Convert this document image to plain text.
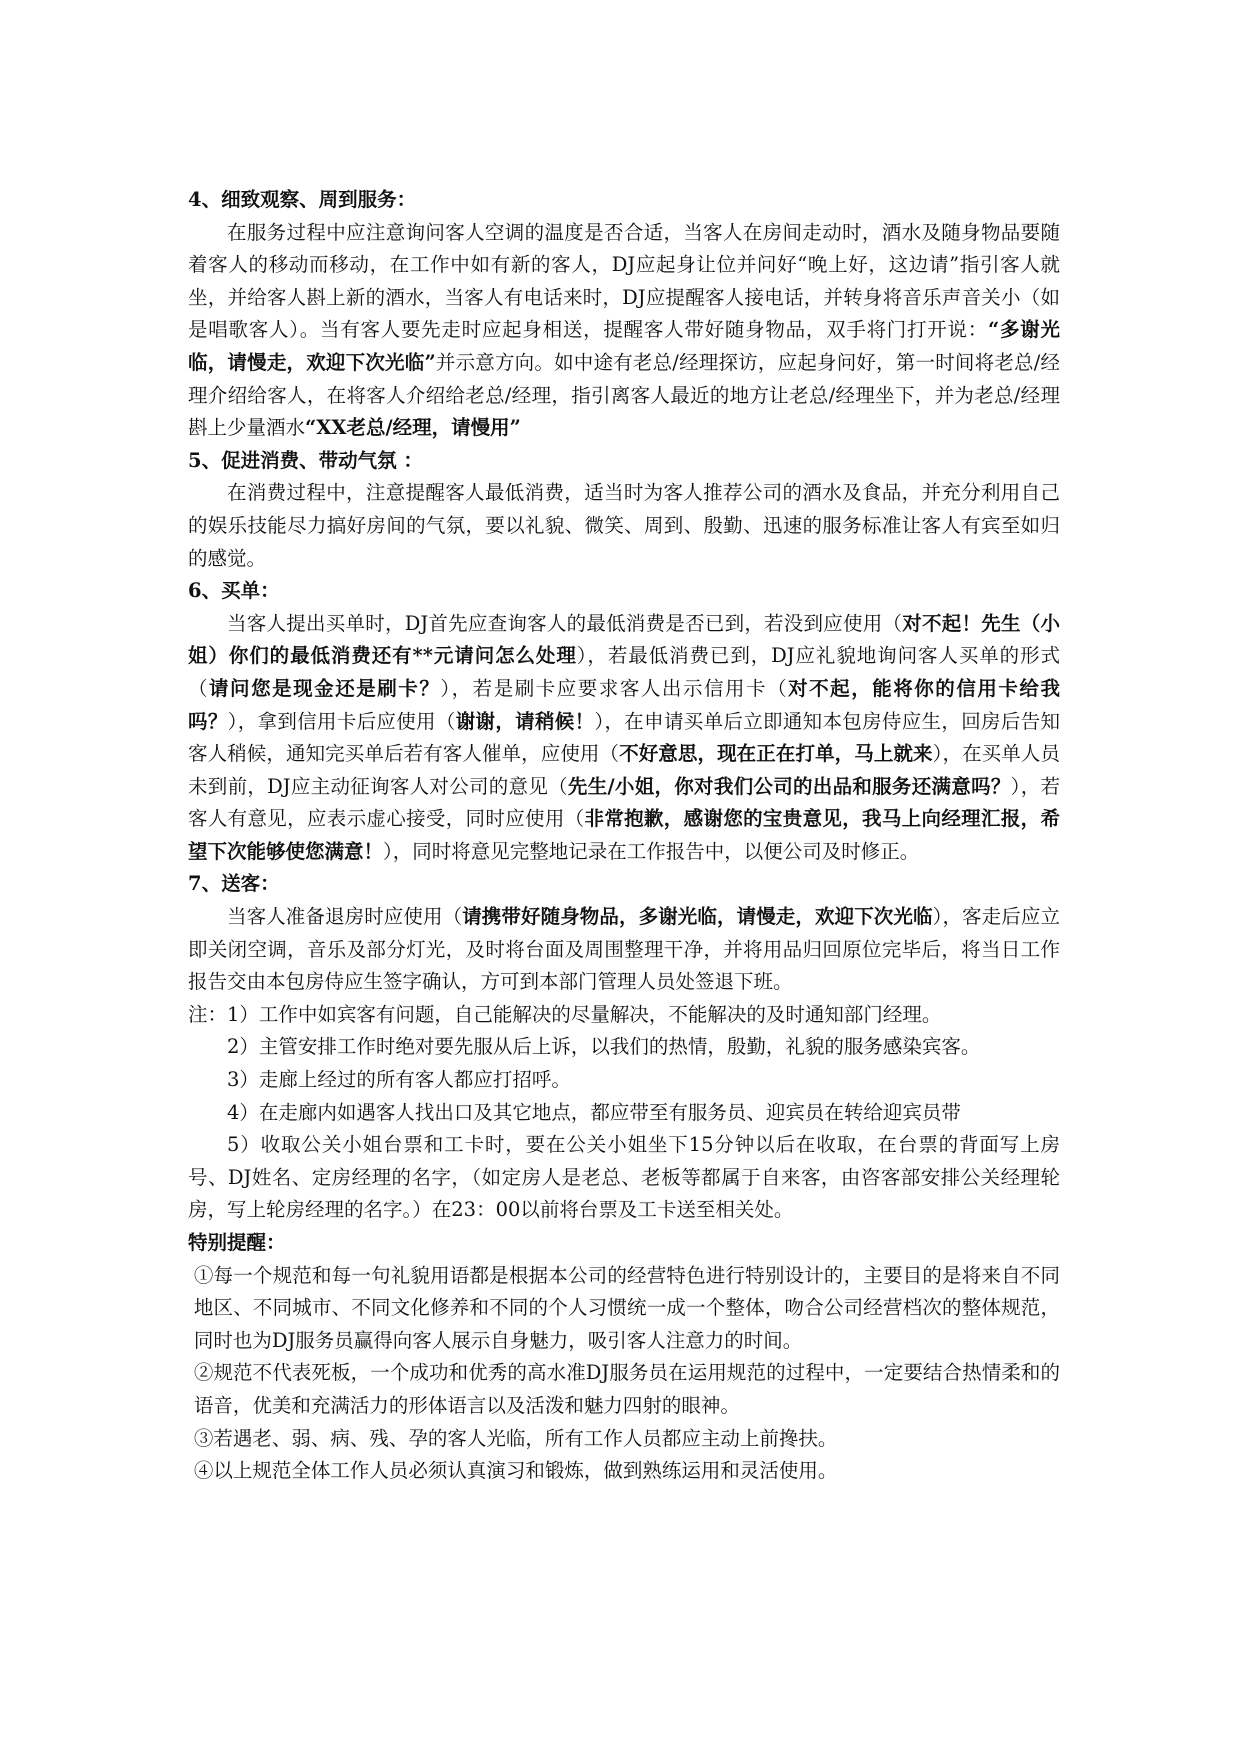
4、细致观察、周到服务：

在服务过程中应注意询问客人空调的温度是否合适，当客人在房间走动时，酒水及随身物品要随着客人的移动而移动，在工作中如有新的客人，DJ应起身让位并问好“晚上好，这边请”指引客人就坐，并给客人斟上新的酒水，当客人有电话来时，DJ应提醒客人接电话，并转身将音乐声音关小（如是唱歌客人）。当有客人要先走时应起身相送，提醒客人带好随身物品，双手将门打开说：“多谢光临，请慢走，欢迎下次光临”并示意方向。如中途有老总/经理探访，应起身问好，第一时间将老总/经理介绍给客人，在将客人介绍给老总/经理，指引离客人最近的地方让老总/经理坐下，并为老总/经理斟上少量酒水“XX老总/经理，请慢用”

5、促进消费、带动气氛 ：

在消费过程中，注意提醒客人最低消费，适当时为客人推荐公司的酒水及食品，并充分利用自己的娱乐技能尽力搞好房间的气氛，要以礼貌、微笑、周到、殷勤、迅速的服务标准让客人有宾至如归的感觉。

6、买单：

当客人提出买单时，DJ首先应查询客人的最低消费是否已到，若没到应使用（对不起！先生（小姐）你们的最低消费还有**元请问怎么处理），若最低消费已到，DJ应礼貌地询问客人买单的形式（请问您是现金还是刷卡？），若是刷卡应要求客人出示信用卡（对不起，能将你的信用卡给我吗？），拿到信用卡后应使用（谢谢，请稍候！），在申请买单后立即通知本包房侍应生，回房后告知客人稍候，通知完买单后若有客人催单，应使用（不好意思，现在正在打单，马上就来），在买单人员未到前，DJ应主动征询客人对公司的意见（先生/小姐，你对我们公司的出品和服务还满意吗？），若客人有意见，应表示虚心接受，同时应使用（非常抱歉，感谢您的宝贵意见，我马上向经理汇报，希望下次能够使您满意！），同时将意见完整地记录在工作报告中，以便公司及时修正。

7、送客：

当客人准备退房时应使用（请携带好随身物品，多谢光临，请慢走，欢迎下次光临），客走后应立即关闭空调，音乐及部分灯光，及时将台面及周围整理干净，并将用品归回原位完毕后，将当日工作报告交由本包房侍应生签字确认，方可到本部门管理人员处签退下班。

注：1）工作中如宾客有问题，自己能解决的尽量解决，不能解决的及时通知部门经理。

2）主管安排工作时绝对要先服从后上诉，以我们的热情，殷勤，礼貌的服务感染宾客。

3）走廊上经过的所有客人都应打招呼。

4）在走廊内如遇客人找出口及其它地点，都应带至有服务员、迎宾员在转给迎宾员带

5）收取公关小姐台票和工卡时，要在公关小姐坐下15分钟以后在收取，在台票的背面写上房号、DJ姓名、定房经理的名字，（如定房人是老总、老板等都属于自来客，由咨客部安排公关经理轮房，写上轮房经理的名字。）在23：00以前将台票及工卡送至相关处。

特别提醒：

①每一个规范和每一句礼貌用语都是根据本公司的经营特色进行特别设计的，主要目的是将来自不同地区、不同城市、不同文化修养和不同的个人习惯统一成一个整体，吻合公司经营档次的整体规范，同时也为DJ服务员赢得向客人展示自身魅力，吸引客人注意力的时间。

②规范不代表死板，一个成功和优秀的高水准DJ服务员在运用规范的过程中，一定要结合热情柔和的语音，优美和充满活力的形体语言以及活泼和魅力四射的眼神。

③若遇老、弱、病、残、孕的客人光临，所有工作人员都应主动上前搀扶。

④以上规范全体工作人员必须认真演习和锻炼，做到熟练运用和灵活使用。
